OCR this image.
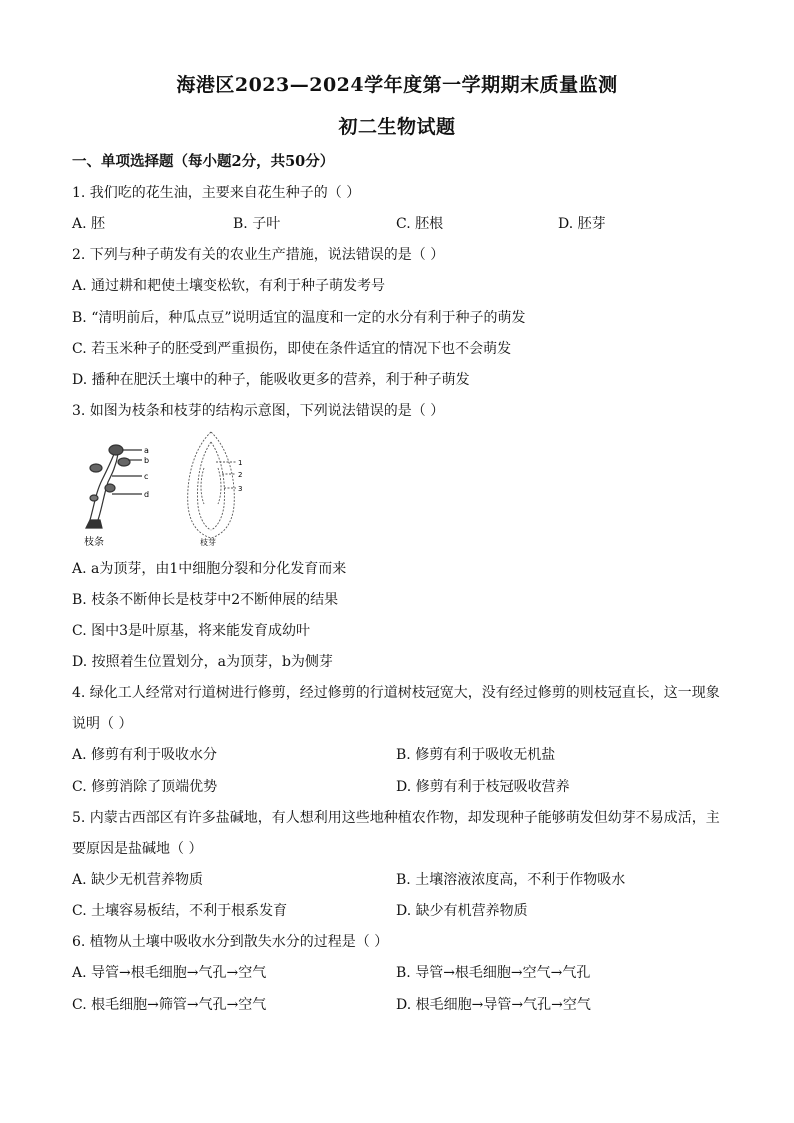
海港区2023—2024学年度第一学期期末质量监测
初二生物试题
一、单项选择题（每小题2分，共50分）
1. 我们吃的花生油，主要来自花生种子的（ ）
A. 胚	B. 子叶	C. 胚根	D. 胚芽
2. 下列与种子萌发有关的农业生产措施，说法错误的是（ ）
A. 通过耕和耙使土壤变松软，有利于种子萌发考号
B. “清明前后，种瓜点豆”说明适宜的温度和一定的水分有利于种子的萌发
C. 若玉米种子的胚受到严重损伤，即使在条件适宜的情况下也不会萌发
D. 播种在肥沃土壤中的种子，能吸收更多的营养，利于种子萌发
3. 如图为枝条和枝芽的结构示意图，下列说法错误的是（ ）
a
b
c
d
枝条
1
2
3
枝芽
A. a为顶芽，由1中细胞分裂和分化发育而来
B. 枝条不断伸长是枝芽中2不断伸展的结果
C. 图中3是叶原基，将来能发育成幼叶
D. 按照着生位置划分，a为顶芽，b为侧芽
4. 绿化工人经常对行道树进行修剪，经过修剪的行道树枝冠宽大，没有经过修剪的则枝冠直长，这一现象
说明（ ）
A. 修剪有利于吸收水分	B. 修剪有利于吸收无机盐
C. 修剪消除了顶端优势	D. 修剪有利于枝冠吸收营养
5. 内蒙古西部区有许多盐碱地，有人想利用这些地种植农作物，却发现种子能够萌发但幼芽不易成活，主
要原因是盐碱地（ ）
A. 缺少无机营养物质	B. 土壤溶液浓度高，不利于作物吸水
C. 土壤容易板结，不利于根系发育	D. 缺少有机营养物质
6. 植物从土壤中吸收水分到散失水分的过程是（ ）
A. 导管→根毛细胞→气孔→空气	B. 导管→根毛细胞→空气→气孔
C. 根毛细胞→筛管→气孔→空气	D. 根毛细胞→导管→气孔→空气
